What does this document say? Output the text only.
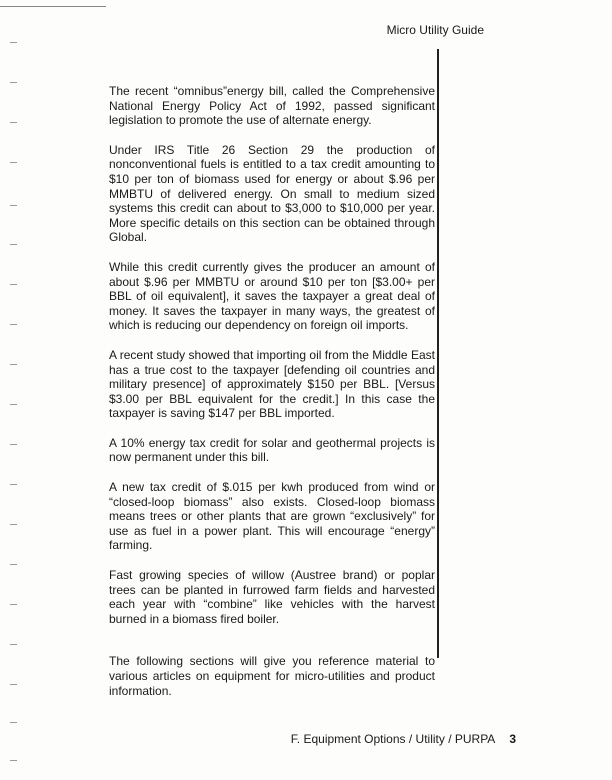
Micro Utility Guide

The recent “omnibus”energy bill, called the Comprehensive National Energy Policy Act of 1992, passed significant legislation to promote the use of alternate energy.

Under IRS Title 26 Section 29 the production of nonconventional fuels is entitled to a tax credit amounting to $10 per ton of biomass used for energy or about $.96 per MMBTU of delivered energy. On small to medium sized systems this credit can about to $3,000 to $10,000 per year. More specific details on this section can be obtained through Global.

While this credit currently gives the producer an amount of about $.96 per MMBTU or around $10 per ton [$3.00+ per BBL of oil equivalent], it saves the taxpayer a great deal of money. It saves the taxpayer in many ways, the greatest of which is reducing our dependency on foreign oil imports.

A recent study showed that importing oil from the Middle East has a true cost to the taxpayer [defending oil countries and military presence] of approximately $150 per BBL. [Versus $3.00 per BBL equivalent for the credit.] In this case the taxpayer is saving $147 per BBL imported.

A 10% energy tax credit for solar and geothermal projects is now permanent under this bill.

A new tax credit of $.015 per kwh produced from wind or “closed-loop biomass” also exists. Closed-loop biomass means trees or other plants that are grown “exclusively” for use as fuel in a power plant. This will encourage “energy” farming.

Fast growing species of willow (Austree brand) or poplar trees can be planted in furrowed farm fields and harvested each year with “combine” like vehicles with the harvest burned in a biomass fired boiler.

The following sections will give you reference material to various articles on equipment for micro-utilities and product information.

F. Equipment Options / Utility / PURPA 3
